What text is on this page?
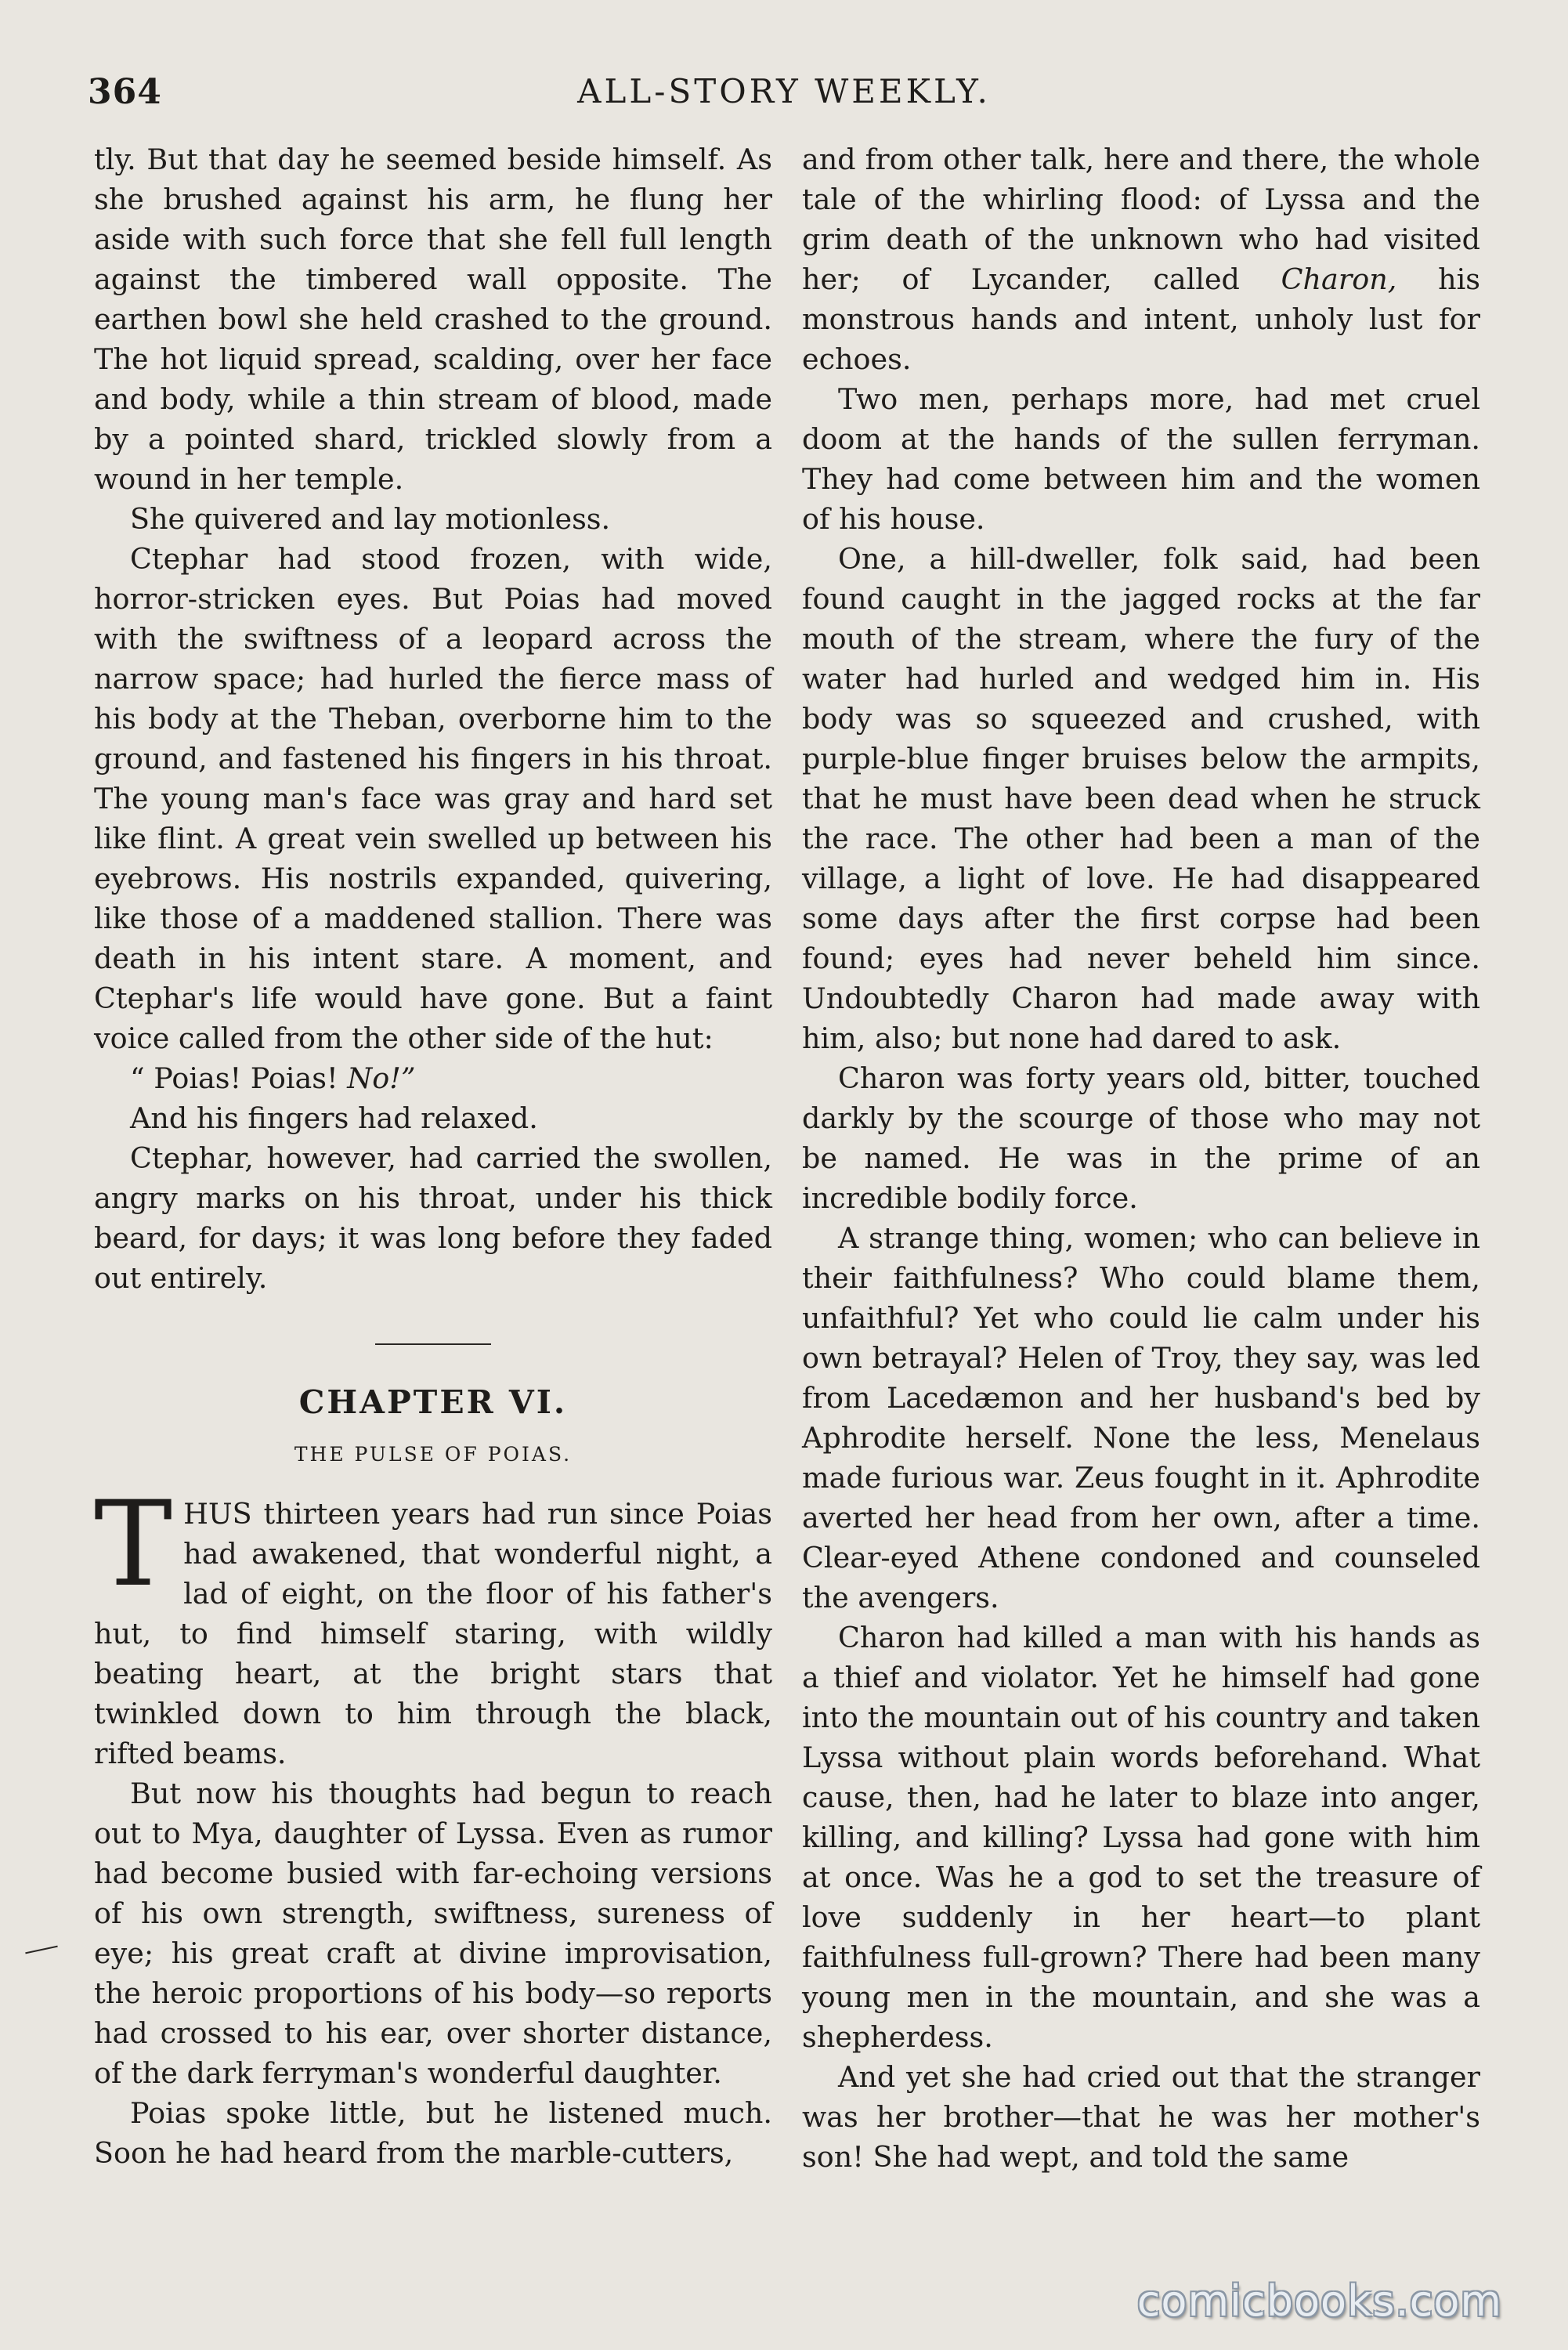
364	ALL-STORY WEEKLY.

tly. But that day he seemed beside himself. As she brushed against his arm, he flung her aside with such force that she fell full length against the timbered wall opposite. The earthen bowl she held crashed to the ground. The hot liquid spread, scalding, over her face and body, while a thin stream of blood, made by a pointed shard, trickled slowly from a wound in her temple.

She quivered and lay motionless.

Ctephar had stood frozen, with wide, horror-stricken eyes. But Poias had moved with the swiftness of a leopard across the narrow space; had hurled the fierce mass of his body at the Theban, overborne him to the ground, and fastened his fingers in his throat. The young man's face was gray and hard set like flint. A great vein swelled up between his eyebrows. His nostrils expanded, quivering, like those of a maddened stallion. There was death in his intent stare. A moment, and Ctephar's life would have gone. But a faint voice called from the other side of the hut:

“ Poias! Poias! No!”

And his fingers had relaxed.

Ctephar, however, had carried the swollen, angry marks on his throat, under his thick beard, for days; it was long before they faded out entirely.

CHAPTER VI.
THE PULSE OF POIAS.

THUS thirteen years had run since Poias had awakened, that wonderful night, a lad of eight, on the floor of his father's hut, to find himself staring, with wildly beating heart, at the bright stars that twinkled down to him through the black, rifted beams.

But now his thoughts had begun to reach out to Mya, daughter of Lyssa. Even as rumor had become busied with far-echoing versions of his own strength, swiftness, sureness of eye; his great craft at divine improvisation, the heroic proportions of his body—so reports had crossed to his ear, over shorter distance, of the dark ferryman's wonderful daughter.

Poias spoke little, but he listened much. Soon he had heard from the marble-cutters,

and from other talk, here and there, the whole tale of the whirling flood: of Lyssa and the grim death of the unknown who had visited her; of Lycander, called Charon, his monstrous hands and intent, unholy lust for echoes.

Two men, perhaps more, had met cruel doom at the hands of the sullen ferryman. They had come between him and the women of his house.

One, a hill-dweller, folk said, had been found caught in the jagged rocks at the far mouth of the stream, where the fury of the water had hurled and wedged him in. His body was so squeezed and crushed, with purple-blue finger bruises below the armpits, that he must have been dead when he struck the race. The other had been a man of the village, a light of love. He had disappeared some days after the first corpse had been found; eyes had never beheld him since. Undoubtedly Charon had made away with him, also; but none had dared to ask.

Charon was forty years old, bitter, touched darkly by the scourge of those who may not be named. He was in the prime of an incredible bodily force.

A strange thing, women; who can believe in their faithfulness? Who could blame them, unfaithful? Yet who could lie calm under his own betrayal? Helen of Troy, they say, was led from Lacedæmon and her husband's bed by Aphrodite herself. None the less, Menelaus made furious war. Zeus fought in it. Aphrodite averted her head from her own, after a time. Clear-eyed Athene condoned and counseled the avengers.

Charon had killed a man with his hands as a thief and violator. Yet he himself had gone into the mountain out of his country and taken Lyssa without plain words beforehand. What cause, then, had he later to blaze into anger, killing, and killing? Lyssa had gone with him at once. Was he a god to set the treasure of love suddenly in her heart—to plant faithfulness full-grown? There had been many young men in the mountain, and she was a shepherdess.

And yet she had cried out that the stranger was her brother—that he was her mother's son! She had wept, and told the same

comicbooks.com
